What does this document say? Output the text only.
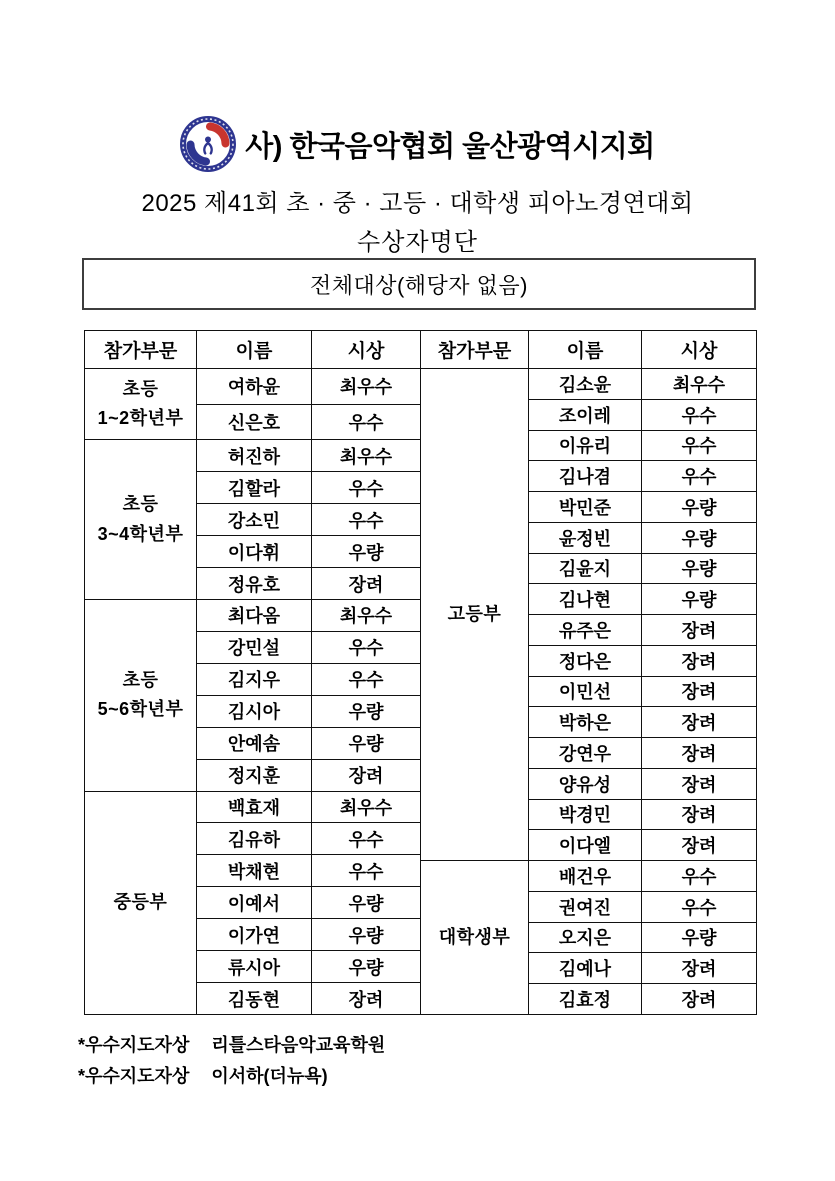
사) 한국음악협회 울산광역시지회
2025 제41회 초 · 중 · 고등 · 대학생 피아노경연대회
수상자명단
전체대상(해당자 없음)
참가부문	이름	시상
초등
1~2학년부	여하윤	최우수
	신은호	우수
초등
3~4학년부	허진하	최우수
	김할라	우수
	강소민	우수
	이다휘	우량
	정유호	장려
초등
5~6학년부	최다옴	최우수
	강민설	우수
	김지우	우수
	김시아	우량
	안예솜	우량
	정지훈	장려
중등부	백효재	최우수
	김유하	우수
	박채현	우수
	이예서	우량
	이가연	우량
	류시아	우량
	김동현	장려
참가부문	이름	시상
고등부	김소윤	최우수
	조이레	우수
	이유리	우수
	김나겸	우수
	박민준	우량
	윤정빈	우량
	김윤지	우량
	김나현	우량
	유주은	장려
	정다은	장려
	이민선	장려
	박하은	장려
	강연우	장려
	양유성	장려
	박경민	장려
	이다엘	장려
대학생부	배건우	우수
	권여진	우수
	오지은	우량
	김예나	장려
	김효정	장려
*우수지도자상 리틀스타음악교육학원
*우수지도자상 이서하(더뉴욕)
